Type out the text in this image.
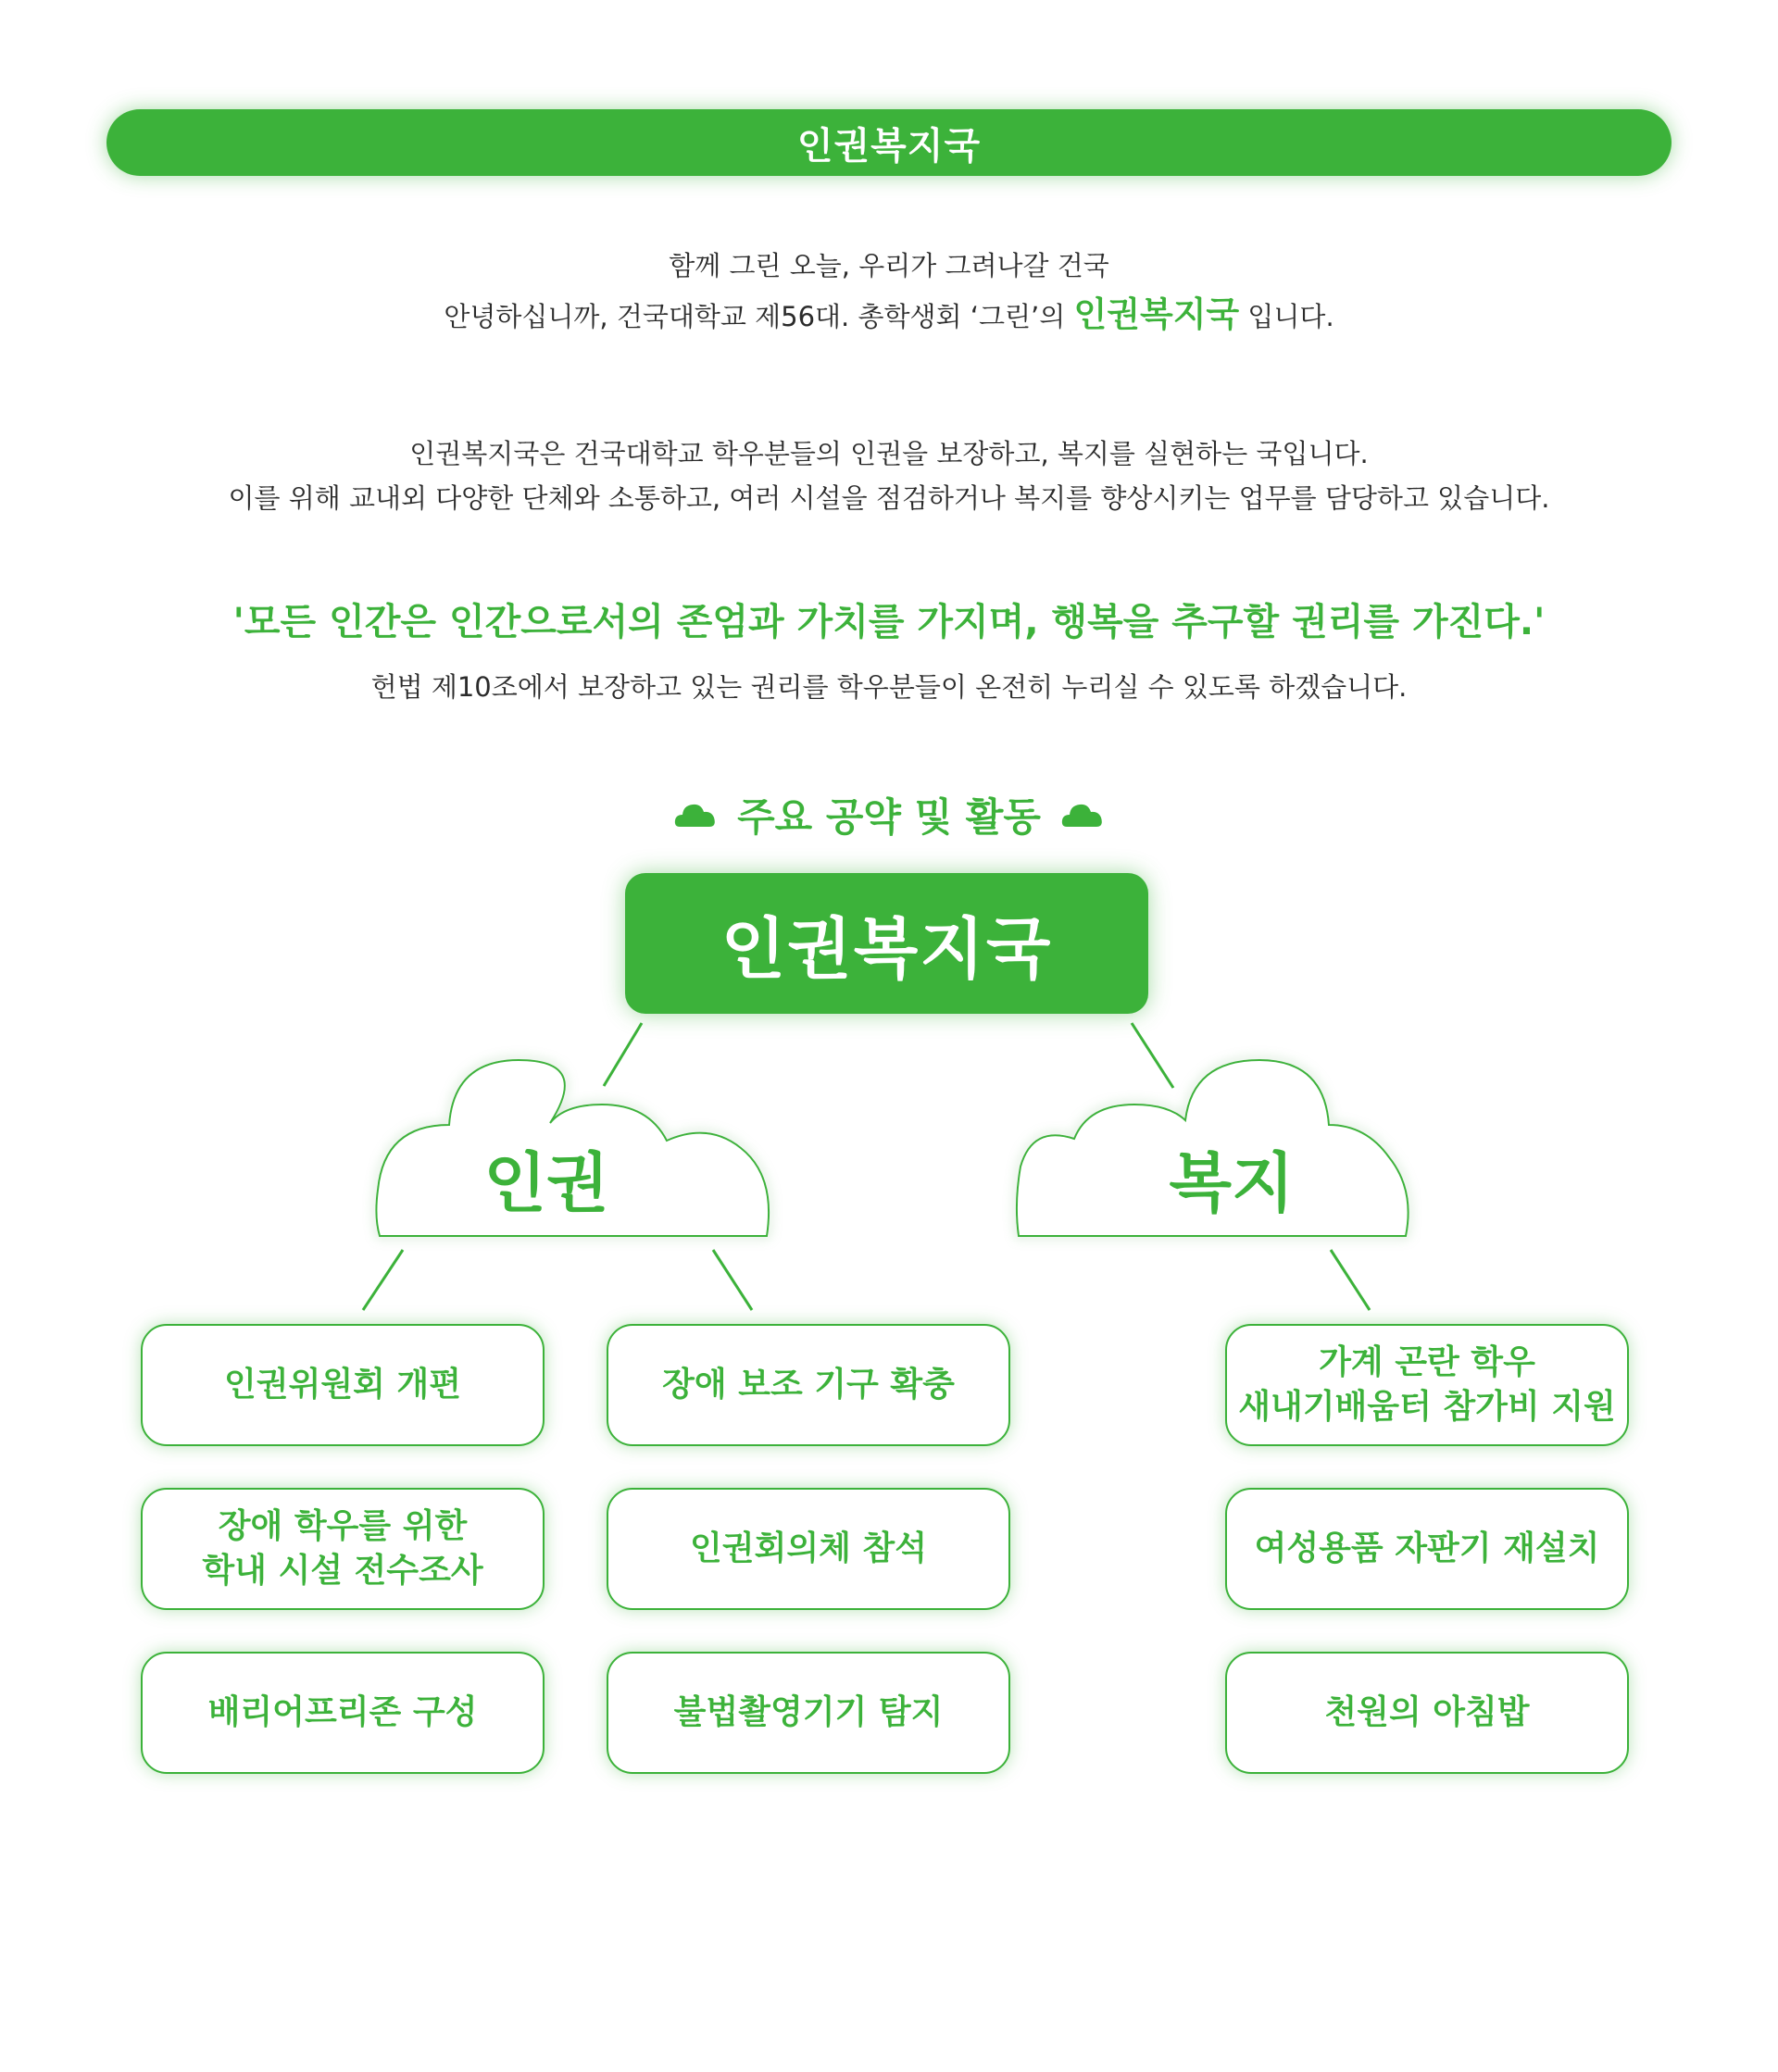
인권복지국
함께 그린 오늘, 우리가 그려나갈 건국
안녕하십니까, 건국대학교 제56대. 총학생회 ‘그린’의 인권복지국 입니다.
인권복지국은 건국대학교 학우분들의 인권을 보장하고, 복지를 실현하는 국입니다.
이를 위해 교내외 다양한 단체와 소통하고, 여러 시설을 점검하거나 복지를 향상시키는 업무를 담당하고 있습니다.
'모든 인간은 인간으로서의 존엄과 가치를 가지며, 행복을 추구할 권리를 가진다.'
헌법 제10조에서 보장하고 있는 권리를 학우분들이 온전히 누리실 수 있도록 하겠습니다.
주요 공약 및 활동
인권복지국
인권	복지
인권위원회 개편
장애 학우를 위한
학내 시설 전수조사
배리어프리존 구성
장애 보조 기구 확충
인권회의체 참석
불법촬영기기 탐지
가계 곤란 학우
새내기배움터 참가비 지원
여성용품 자판기 재설치
천원의 아침밥
